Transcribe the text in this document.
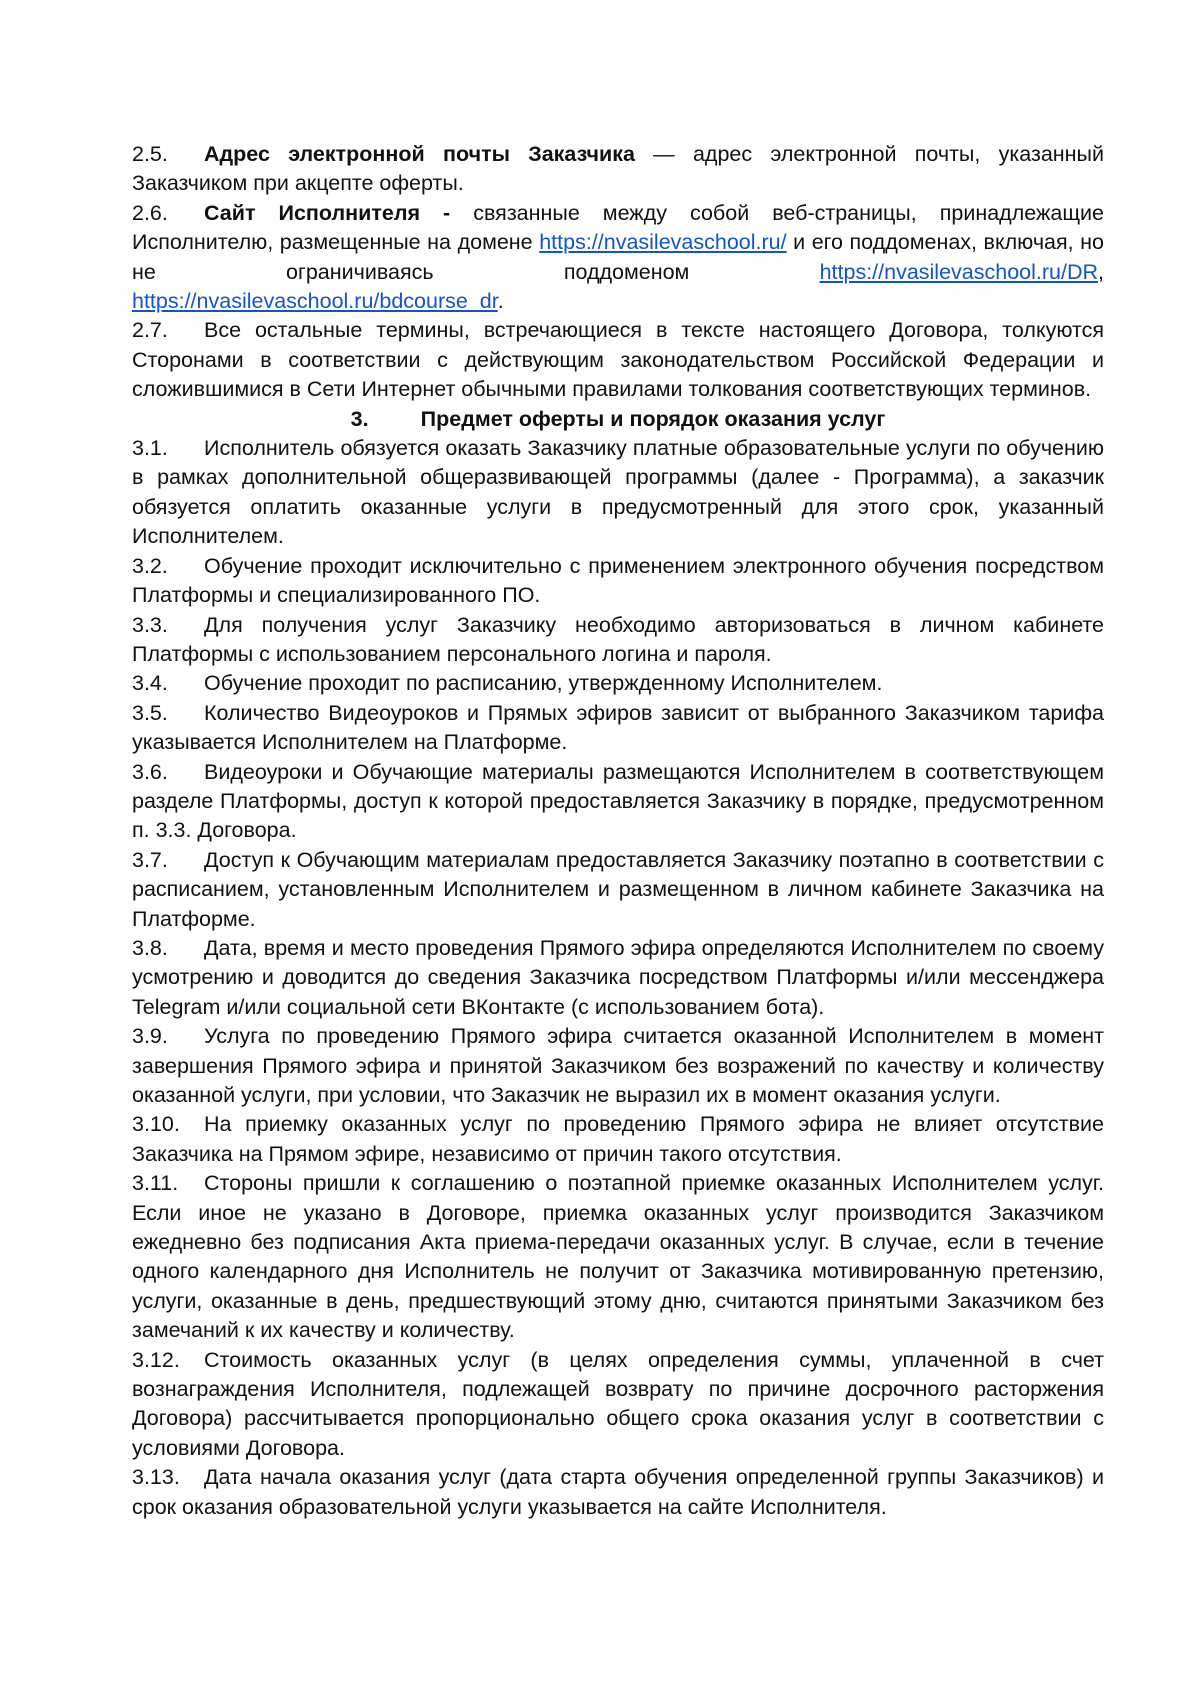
2.5. Адрес электронной почты Заказчика — адрес электронной почты, указанный Заказчиком при акцепте оферты.

2.6. Сайт Исполнителя - связанные между собой веб-страницы, принадлежащие Исполнителю, размещенные на домене https://nvasilevaschool.ru/ и его поддоменах, включая, но не ограничиваясь поддоменом https://nvasilevaschool.ru/DR, https://nvasilevaschool.ru/bdcourse_dr.

2.7. Все остальные термины, встречающиеся в тексте настоящего Договора, толкуются Сторонами в соответствии с действующим законодательством Российской Федерации и сложившимися в Сети Интернет обычными правилами толкования соответствующих терминов.

3. Предмет оферты и порядок оказания услуг

3.1. Исполнитель обязуется оказать Заказчику платные образовательные услуги по обучению в рамках дополнительной общеразвивающей программы (далее - Программа), а заказчик обязуется оплатить оказанные услуги в предусмотренный для этого срок, указанный Исполнителем.

3.2. Обучение проходит исключительно с применением электронного обучения посредством Платформы и специализированного ПО.

3.3. Для получения услуг Заказчику необходимо авторизоваться в личном кабинете Платформы с использованием персонального логина и пароля.

3.4. Обучение проходит по расписанию, утвержденному Исполнителем.

3.5. Количество Видеоуроков и Прямых эфиров зависит от выбранного Заказчиком тарифа указывается Исполнителем на Платформе.

3.6. Видеоуроки и Обучающие материалы размещаются Исполнителем в соответствующем разделе Платформы, доступ к которой предоставляется Заказчику в порядке, предусмотренном п. 3.3. Договора.

3.7. Доступ к Обучающим материалам предоставляется Заказчику поэтапно в соответствии с расписанием, установленным Исполнителем и размещенном в личном кабинете Заказчика на Платформе.

3.8. Дата, время и место проведения Прямого эфира определяются Исполнителем по своему усмотрению и доводится до сведения Заказчика посредством Платформы и/или мессенджера Telegram и/или социальной сети ВКонтакте (с использованием бота).

3.9. Услуга по проведению Прямого эфира считается оказанной Исполнителем в момент завершения Прямого эфира и принятой Заказчиком без возражений по качеству и количеству оказанной услуги, при условии, что Заказчик не выразил их в момент оказания услуги.

3.10. На приемку оказанных услуг по проведению Прямого эфира не влияет отсутствие Заказчика на Прямом эфире, независимо от причин такого отсутствия.

3.11. Стороны пришли к соглашению о поэтапной приемке оказанных Исполнителем услуг. Если иное не указано в Договоре, приемка оказанных услуг производится Заказчиком ежедневно без подписания Акта приема-передачи оказанных услуг. В случае, если в течение одного календарного дня Исполнитель не получит от Заказчика мотивированную претензию, услуги, оказанные в день, предшествующий этому дню, считаются принятыми Заказчиком без замечаний к их качеству и количеству.

3.12. Стоимость оказанных услуг (в целях определения суммы, уплаченной в счет вознаграждения Исполнителя, подлежащей возврату по причине досрочного расторжения Договора) рассчитывается пропорционально общего срока оказания услуг в соответствии с условиями Договора.

3.13. Дата начала оказания услуг (дата старта обучения определенной группы Заказчиков) и срок оказания образовательной услуги указывается на сайте Исполнителя.
